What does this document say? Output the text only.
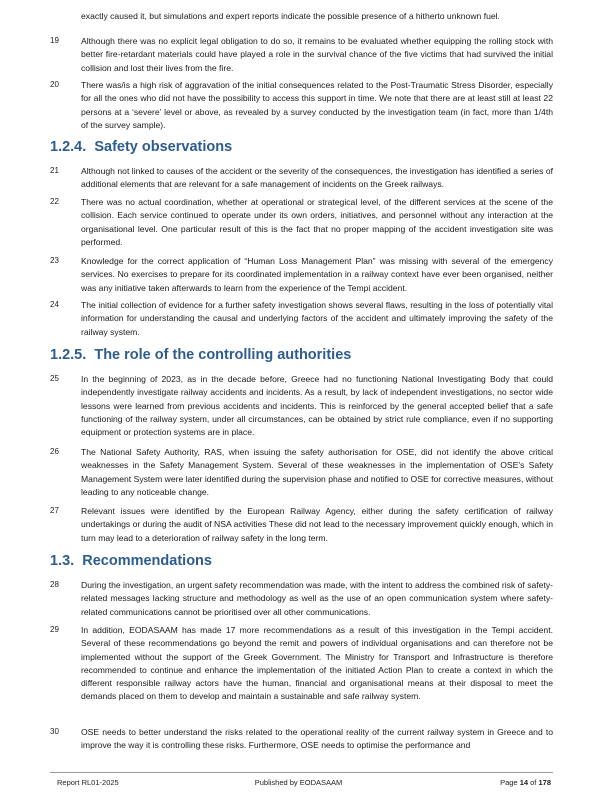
exactly caused it, but simulations and expert reports indicate the possible presence of a hitherto unknown fuel.

19	Although there was no explicit legal obligation to do so, it remains to be evaluated whether equipping the rolling stock with better fire-retardant materials could have played a role in the survival chance of the five victims that had survived the initial collision and lost their lives from the fire.

20	There was/is a high risk of aggravation of the initial consequences related to the Post-Traumatic Stress Disorder, especially for all the ones who did not have the possibility to access this support in time. We note that there are at least still at least 22 persons at a ‘severe’ level or above, as revealed by a survey conducted by the investigation team (in fact, more than 1/4th of the survey sample).

1.2.4. Safety observations
21	Although not linked to causes of the accident or the severity of the consequences, the investigation has identified a series of additional elements that are relevant for a safe management of incidents on the Greek railways.

22	There was no actual coordination, whether at operational or strategical level, of the different services at the scene of the collision. Each service continued to operate under its own orders, initiatives, and personnel without any interaction at the organisational level. One particular result of this is the fact that no proper mapping of the accident investigation site was performed.

23	Knowledge for the correct application of “Human Loss Management Plan” was missing with several of the emergency services. No exercises to prepare for its coordinated implementation in a railway context have ever been organised, neither was any initiative taken afterwards to learn from the experience of the Tempi accident.

24	The initial collection of evidence for a further safety investigation shows several flaws, resulting in the loss of potentially vital information for understanding the causal and underlying factors of the accident and ultimately improving the safety of the railway system.

1.2.5. The role of the controlling authorities
25	In the beginning of 2023, as in the decade before, Greece had no functioning National Investigating Body that could independently investigate railway accidents and incidents. As a result, by lack of independent investigations, no sector wide lessons were learned from previous accidents and incidents. This is reinforced by the general accepted belief that a safe functioning of the railway system, under all circumstances, can be obtained by strict rule compliance, even if no supporting equipment or protection systems are in place.

26	The National Safety Authority, RAS, when issuing the safety authorisation for OSE, did not identify the above critical weaknesses in the Safety Management System. Several of these weaknesses in the implementation of OSE’s Safety Management System were later identified during the supervision phase and notified to OSE for corrective measures, without leading to any noticeable change.

27	Relevant issues were identified by the European Railway Agency, either during the safety certification of railway undertakings or during the audit of NSA activities These did not lead to the necessary improvement quickly enough, which in turn may lead to a deterioration of railway safety in the long term.

1.3. Recommendations
28	During the investigation, an urgent safety recommendation was made, with the intent to address the combined risk of safety-related messages lacking structure and methodology as well as the use of an open communication system where safety-related communications cannot be prioritised over all other communications.

29	In addition, EODASAAM has made 17 more recommendations as a result of this investigation in the Tempi accident. Several of these recommendations go beyond the remit and powers of individual organisations and can therefore not be implemented without the support of the Greek Government. The Ministry for Transport and Infrastructure is therefore recommended to continue and enhance the implementation of the initiated Action Plan to create a context in which the different responsible railway actors have the human, financial and organisational means at their disposal to meet the demands placed on them to develop and maintain a sustainable and safe railway system.

30	OSE needs to better understand the risks related to the operational reality of the current railway system in Greece and to improve the way it is controlling these risks. Furthermore, OSE needs to optimise the performance and

Report RL01-2025	Published by EODASAAM	Page 14 of 178
